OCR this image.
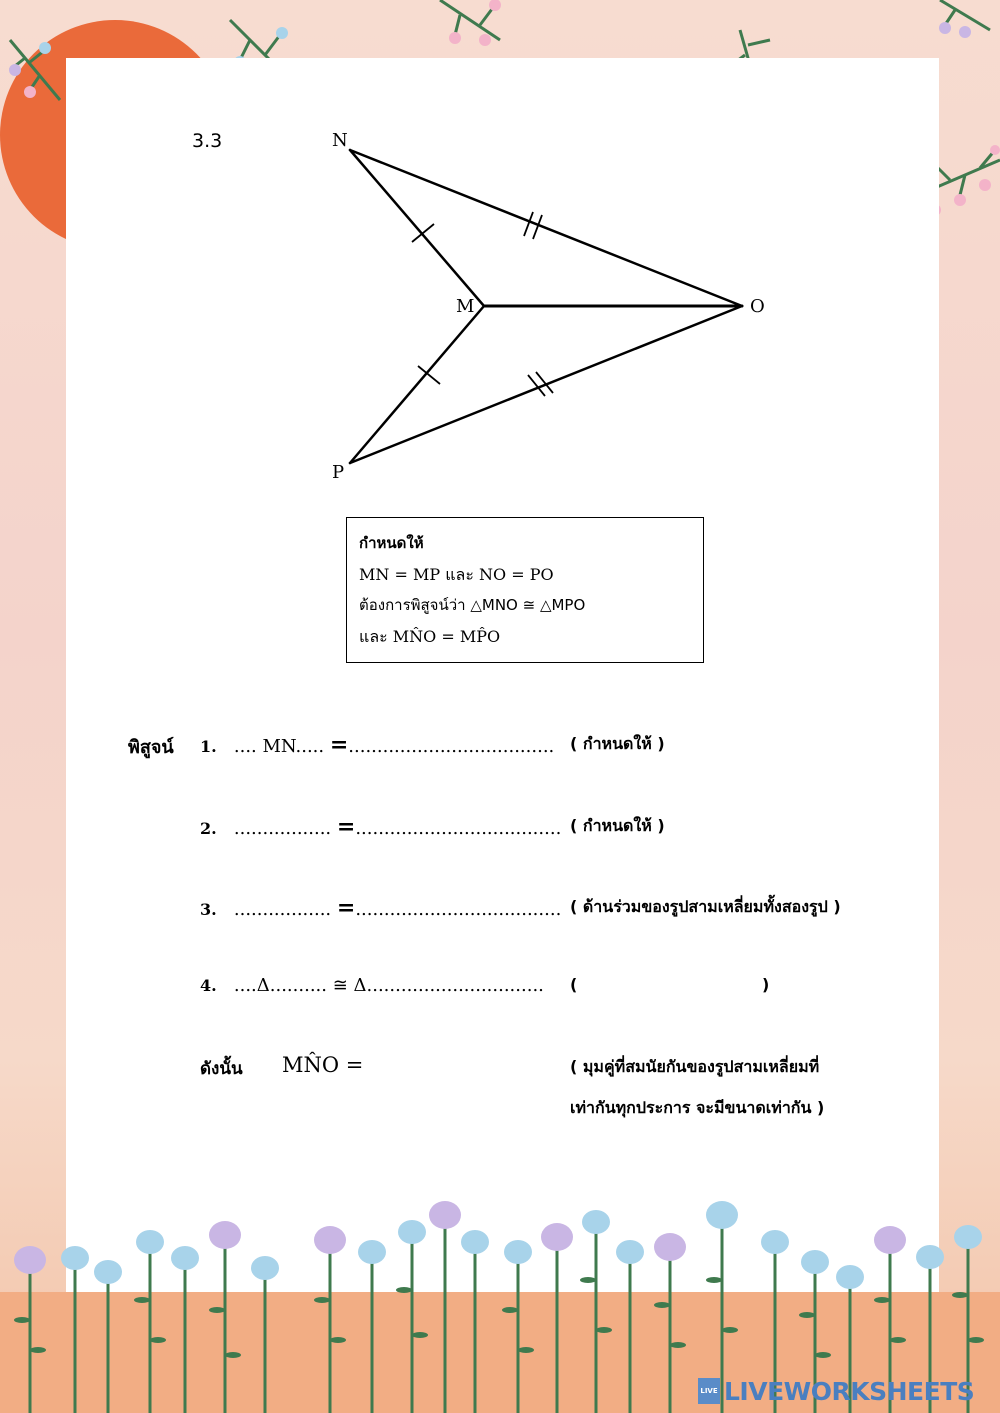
3.3	N
M	O
P
กำหนดให้
MN = MP และ NO = PO
ต้องการพิสูจน์ว่า △MNO ≅ △MPO
และ MN̂O = MP̂O
พิสูจน์ 1. .... MN..... =.................................... ( กำหนดให้ )
2. ................. =.................................... ( กำหนดให้ )
3. ................. =.................................... ( ด้านร่วมของรูปสามเหลี่ยมทั้งสองรูป )
4. ....Δ.......... ≅ Δ............................... (	)
ดังนั้น MN̂O =	( มุมคู่ที่สมนัยกันของรูปสามเหลี่ยมที่
เท่ากันทุกประการ จะมีขนาดเท่ากัน )
LIVE LIVEWORKSHEETS
